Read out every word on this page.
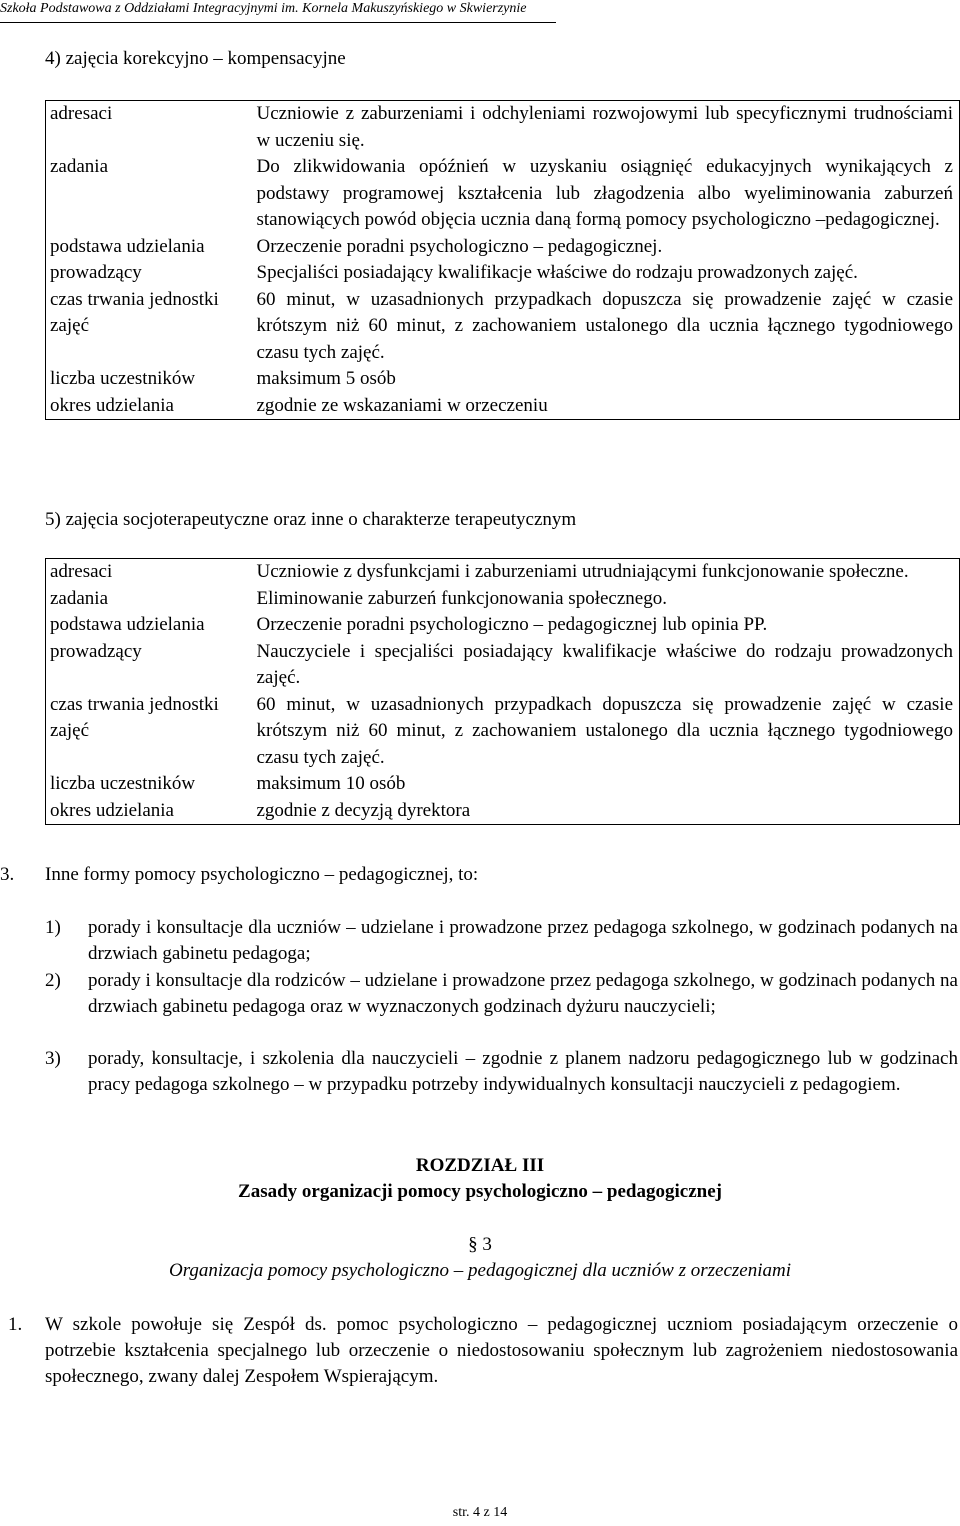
Szkoła Podstawowa z Oddziałami Integracyjnymi im. Kornela Makuszyńskiego w Skwierzynie
4) zajęcia korekcyjno – kompensacyjne
adresaci	Uczniowie z zaburzeniami i odchyleniami rozwojowymi lub specyficznymi trudnościami w uczeniu się.
zadania	Do zlikwidowania opóźnień w uzyskaniu osiągnięć edukacyjnych wynikających z podstawy programowej kształcenia lub złagodzenia albo wyeliminowania zaburzeń stanowiących powód objęcia ucznia daną formą pomocy psychologiczno –pedagogicznej.
podstawa udzielania	Orzeczenie poradni psychologiczno – pedagogicznej.
prowadzący	Specjaliści posiadający kwalifikacje właściwe do rodzaju prowadzonych zajęć.
czas trwania jednostki zajęć	60 minut, w uzasadnionych przypadkach dopuszcza się prowadzenie zajęć w czasie krótszym niż 60 minut, z zachowaniem ustalonego dla ucznia łącznego tygodniowego czasu tych zajęć.
liczba uczestników	maksimum 5 osób
okres udzielania	zgodnie ze wskazaniami w orzeczeniu
5) zajęcia socjoterapeutyczne oraz inne o charakterze terapeutycznym
adresaci	Uczniowie z dysfunkcjami i zaburzeniami utrudniającymi funkcjonowanie społeczne.
zadania	Eliminowanie zaburzeń funkcjonowania społecznego.
podstawa udzielania	Orzeczenie poradni psychologiczno – pedagogicznej lub opinia PP.
prowadzący	Nauczyciele i specjaliści posiadający kwalifikacje właściwe do rodzaju prowadzonych zajęć.
czas trwania jednostki zajęć	60 minut, w uzasadnionych przypadkach dopuszcza się prowadzenie zajęć w czasie krótszym niż 60 minut, z zachowaniem ustalonego dla ucznia łącznego tygodniowego czasu tych zajęć.
liczba uczestników	maksimum 10 osób
okres udzielania	zgodnie z decyzją dyrektora
3. Inne formy pomocy psychologiczno – pedagogicznej, to:
1) porady i konsultacje dla uczniów – udzielane i prowadzone przez pedagoga szkolnego, w godzinach podanych na drzwiach gabinetu pedagoga;
2) porady i konsultacje dla rodziców – udzielane i prowadzone przez pedagoga szkolnego, w godzinach podanych na drzwiach gabinetu pedagoga oraz w wyznaczonych godzinach dyżuru nauczycieli;
3) porady, konsultacje, i szkolenia dla nauczycieli – zgodnie z planem nadzoru pedagogicznego lub w godzinach pracy pedagoga szkolnego – w przypadku potrzeby indywidualnych konsultacji nauczycieli z pedagogiem.
ROZDZIAŁ III
Zasady organizacji pomocy psychologiczno – pedagogicznej
§ 3
Organizacja pomocy psychologiczno – pedagogicznej dla uczniów z orzeczeniami
1. W szkole powołuje się Zespół ds. pomoc psychologiczno – pedagogicznej uczniom posiadającym orzeczenie o potrzebie kształcenia specjalnego lub orzeczenie o niedostosowaniu społecznym lub zagrożeniem niedostosowania społecznego, zwany dalej Zespołem Wspierającym.
str. 4 z 14
